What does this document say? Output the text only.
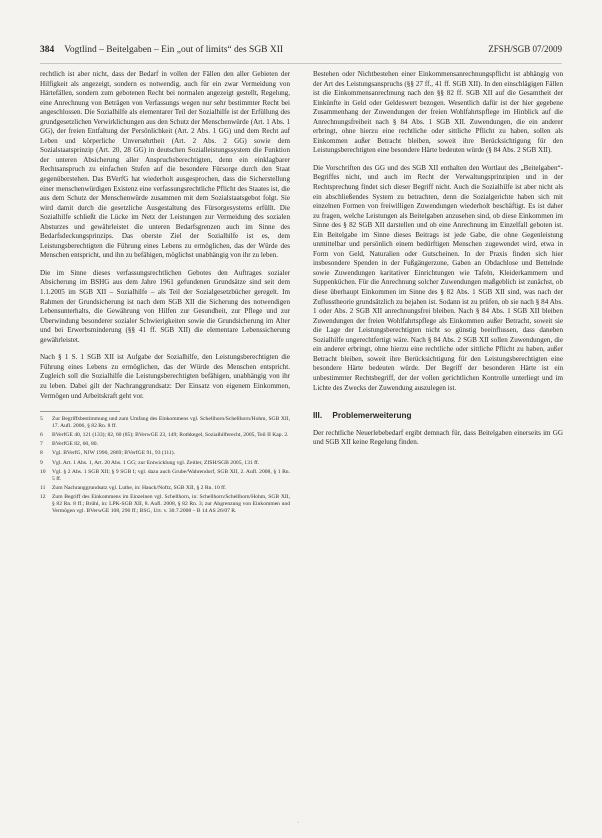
384 Vogtlind – Beitelgaben – Ein „out of limits“ des SGB XII	ZFSH/SGB 07/2009

rechtlich ist aber nicht, dass der Bedarf in vollen der Fällen den aller Gebieten der Hilfigkeit als angezeigt, sondern es notwendig, auch für ein zwar Vermeidung von Härtefällen, sondern zum gebotenen Recht bei normalen angezeigt gestellt, Regelung, eine Anrechnung von Beträgen von Verfassungs wegen nur sehr bestimmter Recht bei angeschlossen. Die Sozialhilfe als elementarer Teil der Sozialhilfe ist der Erfüllung des grundgesetzlichen Verwirklichungen aus den Schutz der Menschenwürde (Art. 1 Abs. 1 GG), der freien Entfaltung der Persönlichkeit (Art. 2 Abs. 1 GG) und dem Recht auf Leben und körperliche Unversehrtheit (Art. 2 Abs. 2 GG) sowie dem Sozialstaatsprinzip (Art. 20, 28 GG) in deutschen Sozialleistungssystem die Funktion der unteren Absicherung aller Anspruchsberechtigten, denn ein einklagbarer Rechtsanspruch zu einfachen Stufen auf die besondere Fürsorge durch den Staat gegenüberstehen. Das BVerfG hat wiederholt ausgesprochen, dass die Sicherstellung einer menschenwürdigen Existenz eine verfassungsrechtliche Pflicht des Staates ist, die aus dem Schutz der Menschenwürde zusammen mit dem Sozialstaatsgebot folgt. Sie wird damit durch die gesetzliche Ausgestaltung des Fürsorgesystems erfüllt. Die Sozialhilfe schließt die Lücke im Netz der Leistungen zur Vermeidung des sozialen Absturzes und gewährleistet die unteren Bedarfsgrenzen auch im Sinne des Bedarfsdeckungsprinzips. Das oberste Ziel der Sozialhilfe ist es, dem Leistungsberechtigten die Führung eines Lebens zu ermöglichen, das der Würde des Menschen entspricht, und ihn zu befähigen, möglichst unabhängig von ihr zu leben.

Die im Sinne dieses verfassungsrechtlichen Gebotes den Auftrages sozialer Absicherung im BSHG aus dem Jahre 1961 gefundenen Grundsätze sind seit dem 1.1.2005 im SGB XII – Sozialhilfe – als Teil der Sozialgesetzbücher geregelt. Im Rahmen der Grundsicherung ist nach dem SGB XII die Sicherung des notwendigen Lebensunterhalts, die Gewährung von Hilfen zur Gesundheit, zur Pflege und zur Überwindung besonderer sozialer Schwierigkeiten sowie die Grundsicherung im Alter und bei Erwerbsminderung (§§ 41 ff. SGB XII) die elementare Lebenssicherung gewährleistet.

Nach § 1 S. 1 SGB XII ist Aufgabe der Sozialhilfe, den Leistungsberechtigten die Führung eines Lebens zu ermöglichen, das der Würde des Menschen entspricht. Zugleich soll die Sozialhilfe die Leistungsberechtigten befähigen, unabhängig von ihr zu leben. Dabei gilt der Nachranggrundsatz: Der Einsatz von eigenem Einkommen, Vermögen und Arbeitskraft geht vor.

5	Zur Begriffsbestimmung und zum Umfang des Einkommens vgl. Schellhorn/Schellhorn/Hohm, SGB XII, 17. Aufl. 2006, § 82 Rn. 8 ff.
6	BVerfGE 40, 121 (133); 82, 60 (85); BVerwGE 23, 149; Rothkegel, Sozialhilferecht, 2005, Teil II Kap. 2.
7	BVerfGE 82, 60, 80.
8	Vgl. BVerfG, NJW 1990, 2869; BVerfGE 91, 93 (111).
9	Vgl. Art. 1 Abs. 1, Art. 20 Abs. 1 GG; zur Entwicklung vgl. Zeitler, ZfSH/SGB 2005, 131 ff.
10	Vgl. § 2 Abs. 1 SGB XII; § 9 SGB I; vgl. dazu auch Grube/Wahrendorf, SGB XII, 2. Aufl. 2008, § 1 Rn. 5 ff.
11	Zum Nachranggrundsatz vgl. Luthe, in: Hauck/Noftz, SGB XII, § 2 Rn. 10 ff.
12	Zum Begriff des Einkommens im Einzelnen vgl. Schellhorn, in: Schellhorn/Schellhorn/Hohm, SGB XII, § 82 Rn. 8 ff.; Brühl, in: LPK-SGB XII, 8. Aufl. 2008, § 82 Rn. 3; zur Abgrenzung von Einkommen und Vermögen vgl. BVerwGE 108, 296 ff.; BSG, Urt. v. 30.7.2008 – B 14 AS 26/07 R.

Bestehen oder Nichtbestehen einer Einkommensanrechnungspflicht ist abhängig von der Art des Leistungsanspruchs (§§ 27 ff., 41 ff. SGB XII). In den einschlägigen Fällen ist die Einkommensanrechnung nach den §§ 82 ff. SGB XII auf die Gesamtheit der Einkünfte in Geld oder Geldeswert bezogen. Wesentlich dafür ist der hier gegebene Zusammenhang der Zuwendungen der freien Wohlfahrtspflege im Hinblick auf die Anrechnungsfreiheit nach § 84 Abs. 1 SGB XII. Zuwendungen, die ein anderer erbringt, ohne hierzu eine rechtliche oder sittliche Pflicht zu haben, sollen als Einkommen außer Betracht bleiben, soweit ihre Berücksichtigung für den Leistungsberechtigten eine besondere Härte bedeuten würde (§ 84 Abs. 2 SGB XII).

Die Vorschriften des GG und des SGB XII enthalten den Wortlaut des „Beitelgaben“-Begriffes nicht, und auch im Recht der Verwaltungsprinzipien und in der Rechtsprechung findet sich dieser Begriff nicht. Auch die Sozialhilfe ist aber nicht als ein abschließendes System zu betrachten, denn die Sozialgerichte haben sich mit einzelnen Formen von freiwilligen Zuwendungen wiederholt beschäftigt. Es ist daher zu fragen, welche Leistungen als Beitelgaben anzusehen sind, ob diese Einkommen im Sinne des § 82 SGB XII darstellen und ob eine Anrechnung im Einzelfall geboten ist. Ein Beitelgabe im Sinne dieses Beitrags ist jede Gabe, die ohne Gegenleistung unmittelbar und persönlich einem bedürftigen Menschen zugewendet wird, etwa in Form von Geld, Naturalien oder Gutscheinen. In der Praxis finden sich hier insbesondere Spenden in der Fußgängerzone, Gaben an Obdachlose und Bettelnde sowie Zuwendungen karitativer Einrichtungen wie Tafeln, Kleiderkammern und Suppenküchen. Für die Anrechnung solcher Zuwendungen maßgeblich ist zunächst, ob diese überhaupt Einkommen im Sinne des § 82 Abs. 1 SGB XII sind, was nach der Zuflusstheorie grundsätzlich zu bejahen ist. Sodann ist zu prüfen, ob sie nach § 84 Abs. 1 oder Abs. 2 SGB XII anrechnungsfrei bleiben. Nach § 84 Abs. 1 SGB XII bleiben Zuwendungen der freien Wohlfahrtspflege als Einkommen außer Betracht, soweit sie die Lage der Leistungsberechtigten nicht so günstig beeinflussen, dass daneben Sozialhilfe ungerechtfertigt wäre. Nach § 84 Abs. 2 SGB XII sollen Zuwendungen, die ein anderer erbringt, ohne hierzu eine rechtliche oder sittliche Pflicht zu haben, außer Betracht bleiben, soweit ihre Berücksichtigung für den Leistungsberechtigten eine besondere Härte bedeuten würde. Der Begriff der besonderen Härte ist ein unbestimmter Rechtsbegriff, der der vollen gerichtlichen Kontrolle unterliegt und im Lichte des Zwecks der Zuwendung auszulegen ist.

III. Problemerweiterung

Der rechtliche Neuerlebebedarf ergibt demnach für, dass Beitelgaben einerseits im GG und SGB XII keine Regelung finden.

·
